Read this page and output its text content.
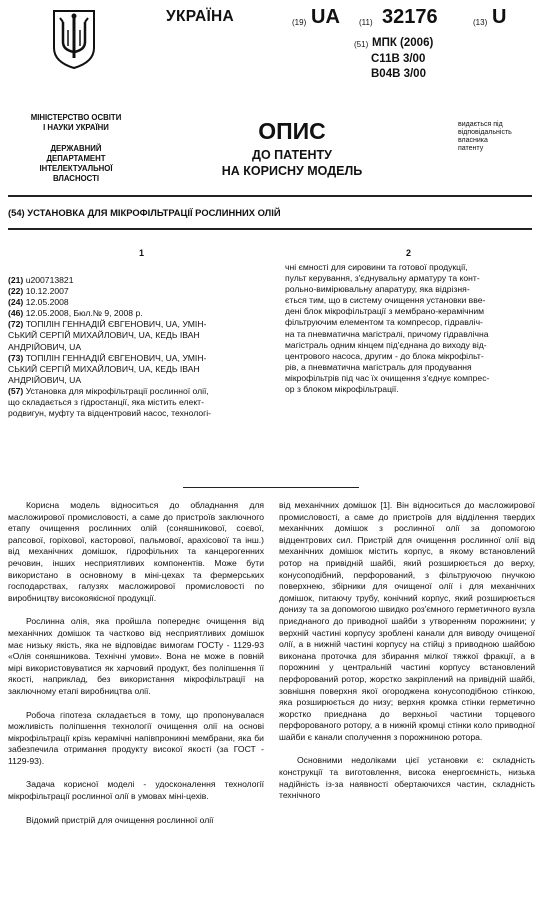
УКРАЇНА	(19) UA (11) 32176	(13) U
(51) МПК (2006)
C11B 3/00
B04B 3/00
МІНІСТЕРСТВО ОСВІТИ
І НАУКИ УКРАЇНИ
ДЕРЖАВНИЙ ДЕПАРТАМЕНТ
ІНТЕЛЕКТУАЛЬНОЇ
ВЛАСНОСТІ
ОПИС
ДО ПАТЕНТУ
НА КОРИСНУ МОДЕЛЬ
видається під
відповідальність
власника
патенту
(54) УСТАНОВКА ДЛЯ МІКРОФІЛЬТРАЦІЇ РОСЛИННИХ ОЛІЙ
1	2
(21) u200713821
(22) 10.12.2007
(24) 12.05.2008
(46) 12.05.2008, Бюл.№ 9, 2008 р.
(72) ТОПІЛІН ГЕННАДІЙ ЄВГЕНОВИЧ, UA, УМІН-
СЬКИЙ СЕРГІЙ МИХАЙЛОВИЧ, UA, КЕДЬ ІВАН
АНДРІЙОВИЧ, UA
(73) ТОПІЛІН ГЕННАДІЙ ЄВГЕНОВИЧ, UA, УМІН-
СЬКИЙ СЕРГІЙ МИХАЙЛОВИЧ, UA, КЕДЬ ІВАН
АНДРІЙОВИЧ, UA
(57) Установка для мікрофільтрації рослинної олії,
що складається з гідростанції, яка містить елект-
родвигун, муфту та відцентровий насос, технологі-
чні ємності для сировини та готової продукції,
пульт керування, з'єднувальну арматуру та конт-
рольно-вимірювальну апаратуру, яка відрізня-
ється тим, що в систему очищення установки вве-
дені блок мікрофільтрації з мембрано-керамічним
фільтруючим елементом та компресор, гідравліч-
на та пневматична магістралі, причому гідравлічна
магістраль одним кінцем під'єднана до виходу від-
центрового насоса, другим - до блока мікрофільт-
рів, а пневматична магістраль для продування
мікрофільтрів під час їх очищення з'єднує компрес-
ор з блоком мікрофільтрації.

Корисна модель відноситься до обладнання для масложирової промисловості, а саме до пристроїв заключного етапу очищення рослинних олій (соняшникової, соєвої, рапсової, горіхової, касторової, пальмової, арахісової та інш.) від механічних домішок, гідрофільних та канцерогенних речовин, інших несприятливих компонентів. Може бути використано в основному в міні-цехах та фермерських господарствах, галузях масложирової промисловості по виробництву високоякісної продукції.

Рослинна олія, яка пройшла попереднє очищення від механічних домішок та частково від несприятливих домішок має низьку якість, яка не відповідає вимогам ГОСТу - 1129-93 «Олія соняшникова. Технічні умови». Вона не може в повній мірі використовуватися як харчовий продукт, без поліпшення її якості, наприклад, без використання мікрофільтрації на заключному етапі виробництва олії.

Робоча гіпотеза складається в тому, що пропонувалася можливість поліпшення технології очищення олії на основі мікрофільтрації крізь керамічні напівпроникні мембрани, яка би забезпечила отримання продукту високої якості (за ГОСТ - 1129-93).

Задача корисної моделі - удосконалення технології мікрофільтрації рослинної олії в умовах міні-цехів.

Відомий пристрій для очищення рослинної олії

від механічних домішок [1]. Він відноситься до масложирової промисловості, а саме до пристроїв для відділення твердих механічних домішок з рослинної олії за допомогою відцентрових сил. Пристрій для очищення рослинної олії від механічних домішок містить корпус, в якому встановлений ротор на привідній шайбі, який розширюється до верху, конусоподібний, перфорований, з фільтруючою пнучкою поверхнею, збірники для очищеної олії і для механічних домішок, питаючу трубу, конічний корпус, який розширюється донизу та за допомогою швидко роз'ємного герметичного вузла приєднаного до приводної шайби з утворенням порожнини; у верхній частині корпусу зроблені канали для виводу очищеної олії, а в нижній частині корпусу на стійці з приводною шайбою виконана проточка для збирання мілкої тяжкої фракції, а в порожнині у центральній частині корпусу встановлений перфорований ротор, жорстко закріплений на привідній шайбі, зовнішня поверхня якої огороджена конусоподібною стінкою, яка розширюється до низу; верхня кромка стінки герметично жорстко приєднана до верхньої частини торцевого перфорованого ротору, а в нижній кромці стінки коло приводної шайби є канали сполучення з порожниною ротора.

Основними недоліками цієї установки є: складність конструкції та виготовлення, висока енергоємність, низька надійність із-за наявності обертаючихся частин, складність технічного
